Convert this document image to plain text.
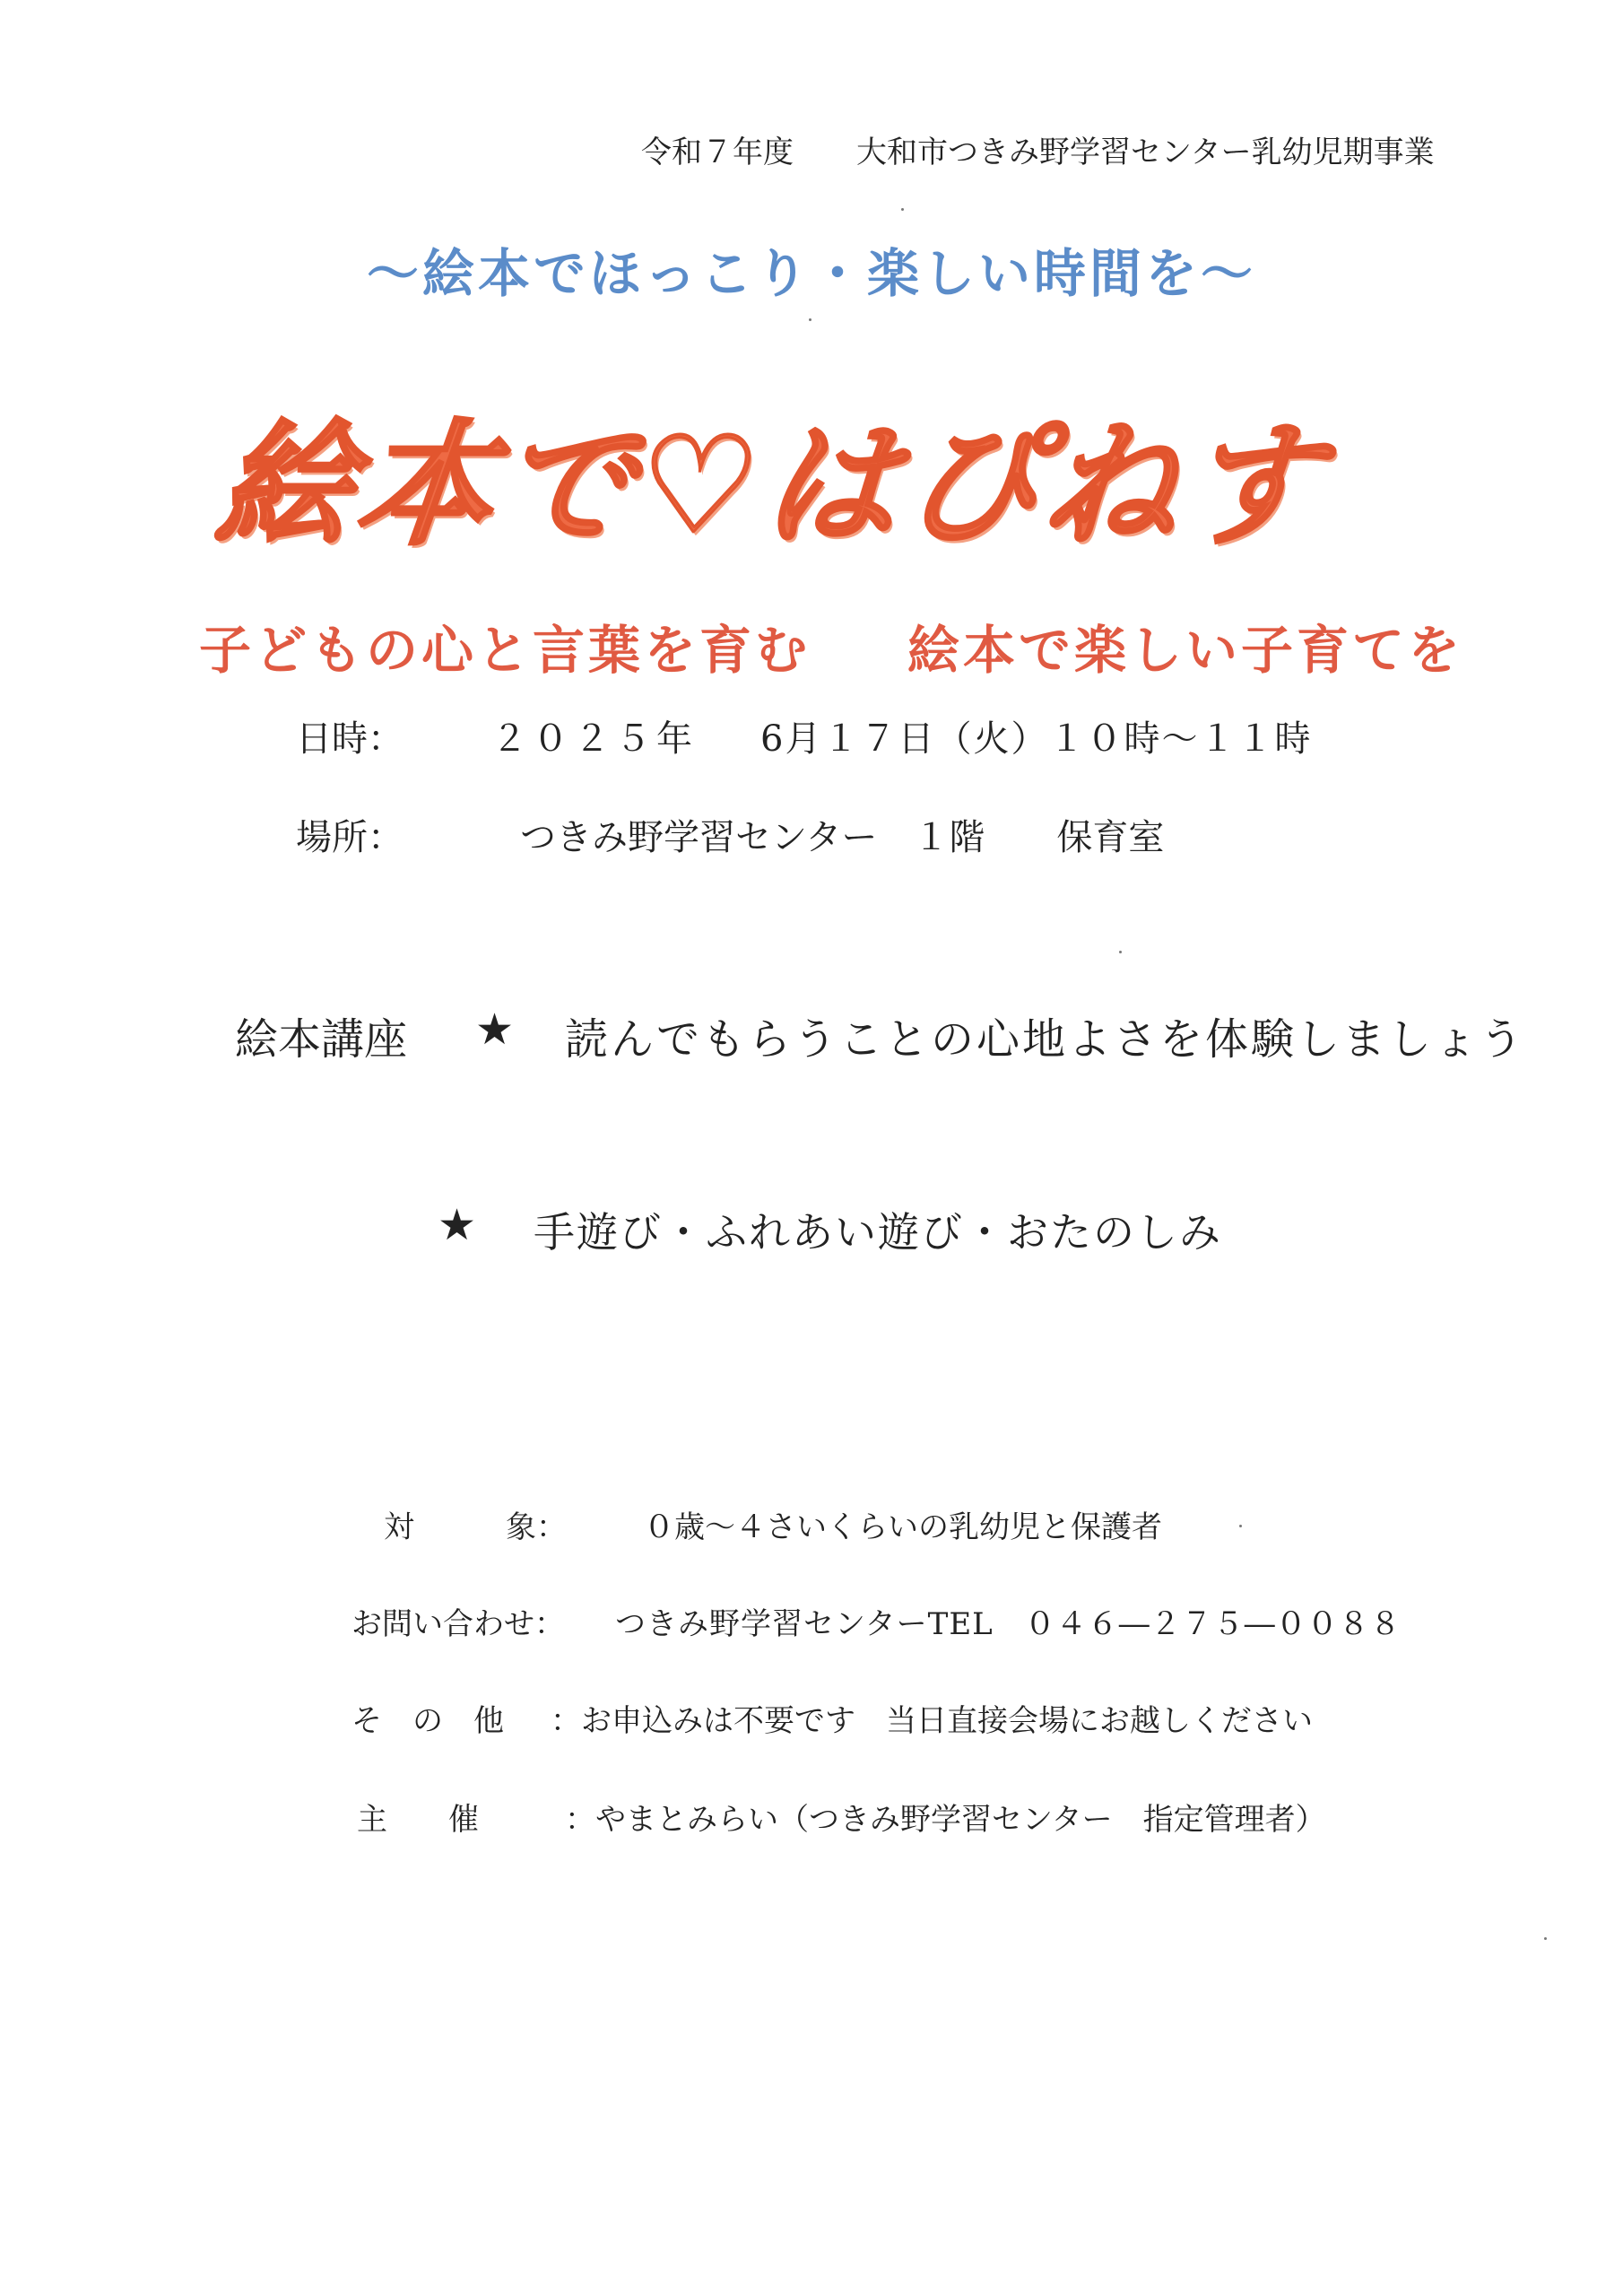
令和７年度 大和市つきみ野学習センター乳幼児期事業
～絵本でほっこり・楽しい時間を～
絵本で♡はぴねす
子どもの心と言葉を育む 絵本で楽しい子育てを
日時： ２０２５年 6月１７日（火）１０時～１１時
場所：	つきみ野学習センター　１階　　保育室
絵本講座 ★ 読んでもらうことの心地よさを体験しましょう
★ 手遊び・ふれあい遊び・おたのしみ
対　　　象：	０歳～４さいくらいの乳幼児と保護者
お問い合わせ： つきみ野学習センターTEL　０４６―２７５―００８８
そ　の　他 ：お申込みは不要です　当日直接会場にお越しください
主　　催	：やまとみらい（つきみ野学習センター　指定管理者）
